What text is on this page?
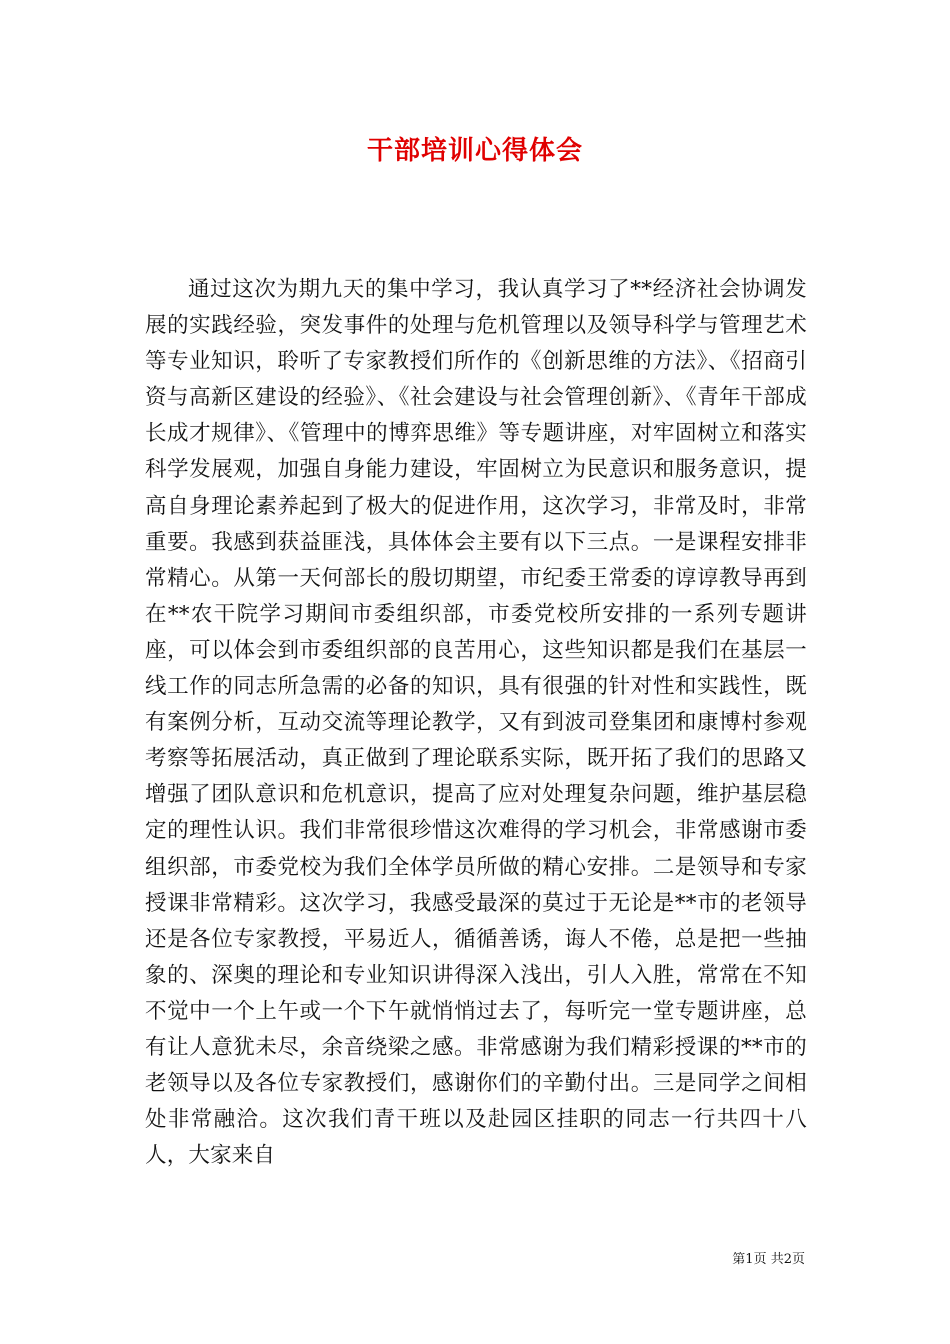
干部培训心得体会

通过这次为期九天的集中学习，我认真学习了**经济社会协调发展的实践经验，突发事件的处理与危机管理以及领导科学与管理艺术等专业知识，聆听了专家教授们所作的《创新思维的方法》、《招商引资与高新区建设的经验》、《社会建设与社会管理创新》、《青年干部成长成才规律》、《管理中的博弈思维》等专题讲座，对牢固树立和落实科学发展观，加强自身能力建设，牢固树立为民意识和服务意识，提高自身理论素养起到了极大的促进作用，这次学习，非常及时，非常重要。我感到获益匪浅，具体体会主要有以下三点。一是课程安排非常精心。从第一天何部长的殷切期望，市纪委王常委的谆谆教导再到在**农干院学习期间市委组织部，市委党校所安排的一系列专题讲座，可以体会到市委组织部的良苦用心，这些知识都是我们在基层一线工作的同志所急需的必备的知识，具有很强的针对性和实践性，既有案例分析，互动交流等理论教学，又有到波司登集团和康博村参观考察等拓展活动，真正做到了理论联系实际，既开拓了我们的思路又增强了团队意识和危机意识，提高了应对处理复杂问题，维护基层稳定的理性认识。我们非常很珍惜这次难得的学习机会，非常感谢市委组织部，市委党校为我们全体学员所做的精心安排。二是领导和专家授课非常精彩。这次学习，我感受最深的莫过于无论是**市的老领导还是各位专家教授，平易近人，循循善诱，诲人不倦，总是把一些抽象的、深奥的理论和专业知识讲得深入浅出，引人入胜，常常在不知不觉中一个上午或一个下午就悄悄过去了，每听完一堂专题讲座，总有让人意犹未尽，余音绕梁之感。非常感谢为我们精彩授课的**市的老领导以及各位专家教授们，感谢你们的辛勤付出。三是同学之间相处非常融洽。这次我们青干班以及赴园区挂职的同志一行共四十八人，大家来自

第1页 共2页
